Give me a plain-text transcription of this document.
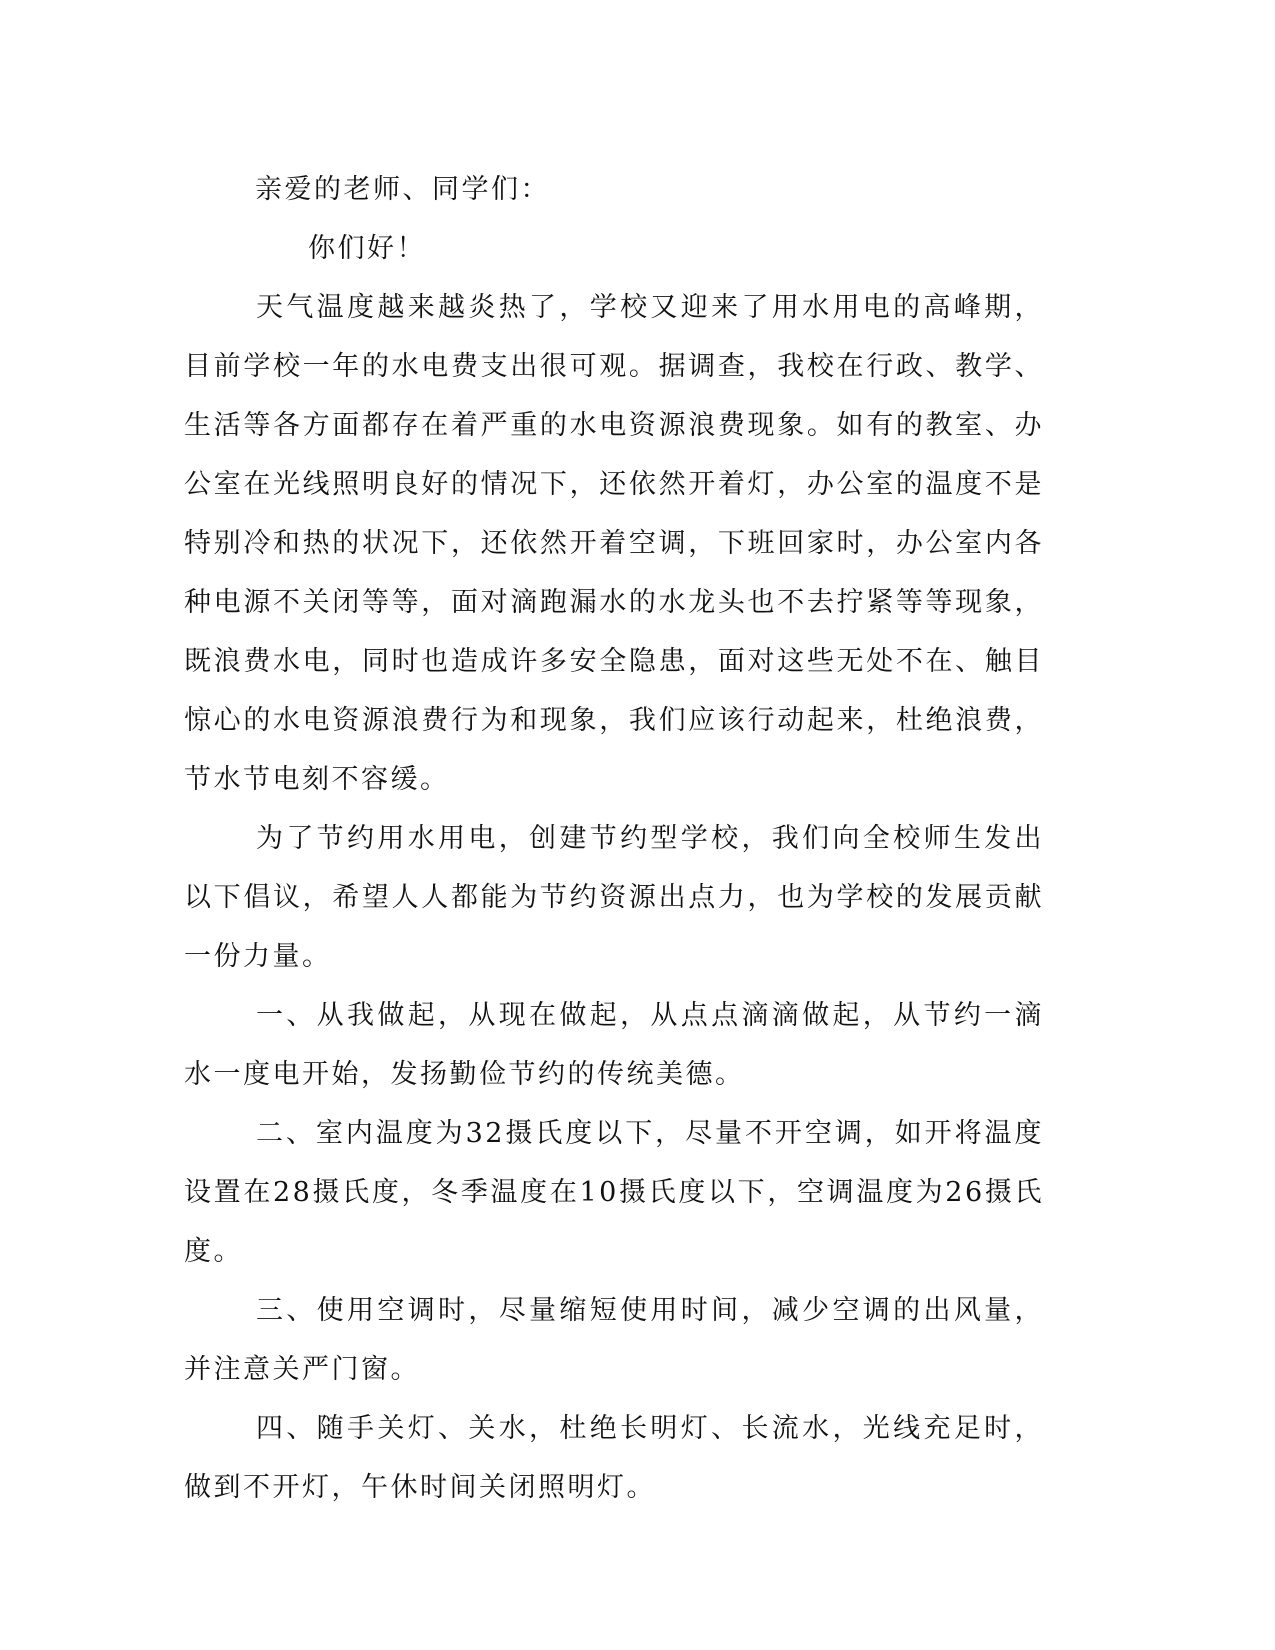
亲爱的老师、同学们：

你们好！

天气温度越来越炎热了，学校又迎来了用水用电的高峰期，目前学校一年的水电费支出很可观。据调查，我校在行政、教学、生活等各方面都存在着严重的水电资源浪费现象。如有的教室、办公室在光线照明良好的情况下，还依然开着灯，办公室的温度不是特别冷和热的状况下，还依然开着空调，下班回家时，办公室内各种电源不关闭等等，面对滴跑漏水的水龙头也不去拧紧等等现象，既浪费水电，同时也造成许多安全隐患，面对这些无处不在、触目惊心的水电资源浪费行为和现象，我们应该行动起来，杜绝浪费，节水节电刻不容缓。

为了节约用水用电，创建节约型学校，我们向全校师生发出以下倡议，希望人人都能为节约资源出点力，也为学校的发展贡献一份力量。

一、从我做起，从现在做起，从点点滴滴做起，从节约一滴水一度电开始，发扬勤俭节约的传统美德。

二、室内温度为32摄氏度以下，尽量不开空调，如开将温度设置在28摄氏度，冬季温度在10摄氏度以下，空调温度为26摄氏度。

三、使用空调时，尽量缩短使用时间，减少空调的出风量，并注意关严门窗。

四、随手关灯、关水，杜绝长明灯、长流水，光线充足时，做到不开灯，午休时间关闭照明灯。
